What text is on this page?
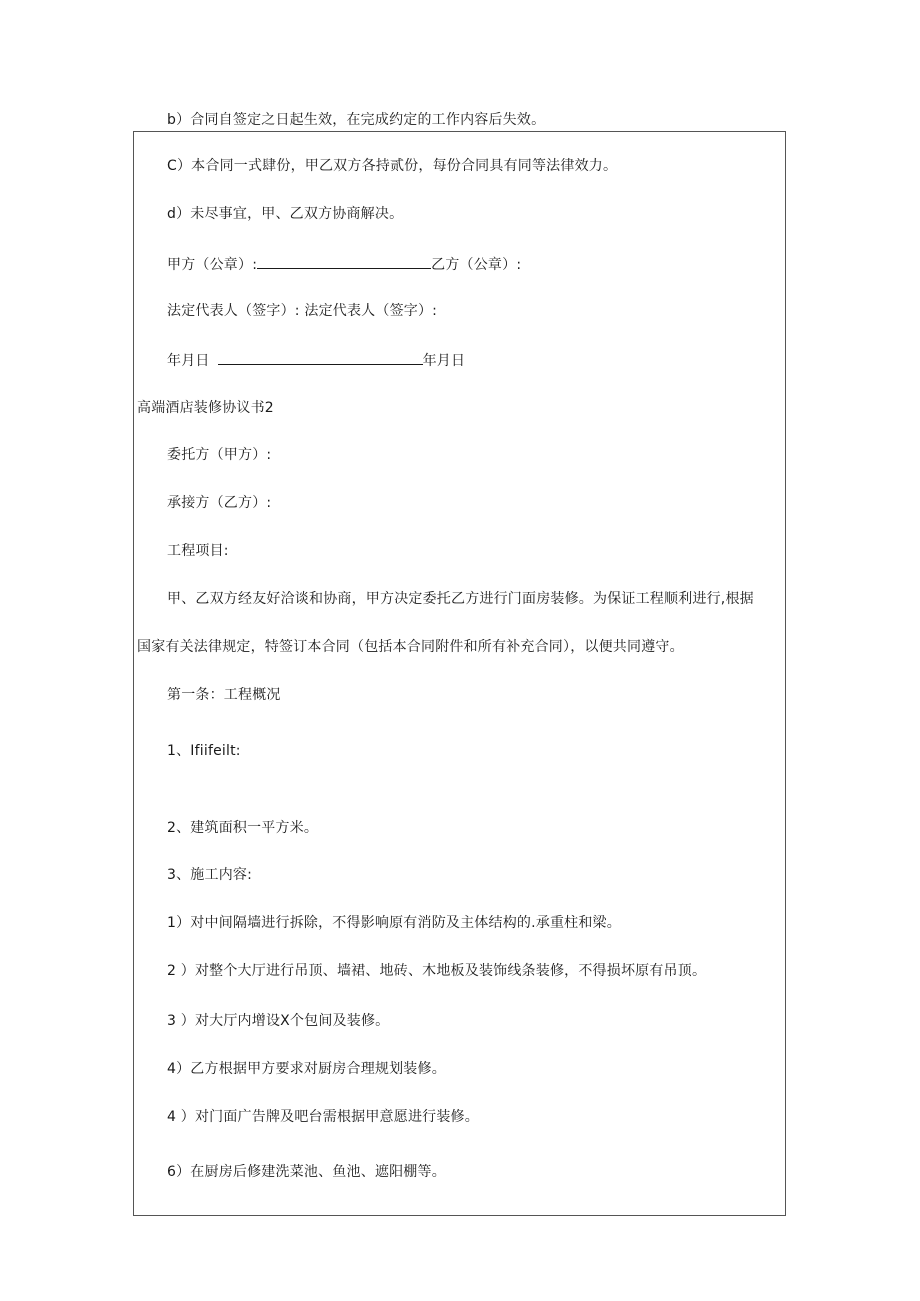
b）合同自签定之日起生效，在完成约定的工作内容后失效。
C）本合同一式肆份，甲乙双方各持贰份，每份合同具有同等法律效力。
d）未尽事宜，甲、乙双方协商解决。
甲方（公章）:	乙方（公章）:
法定代表人（签字）: 法定代表人（签字）:
年月日	年月日
高端酒店装修协议书2
委托方（甲方）:
承接方（乙方）:
工程项目:
甲、乙双方经友好洽谈和协商，甲方决定委托乙方进行门面房装修。为保证工程顺利进行,根据
国家有关法律规定，特签订本合同（包括本合同附件和所有补充合同），以便共同遵守。
第一条：工程概况
1、Ifiifeilt:
2、建筑面积一平方米。
3、施工内容:
1）对中间隔墙进行拆除，不得影响原有消防及主体结构的.承重柱和梁。
2 ）对整个大厅进行吊顶、墙裙、地砖、木地板及装饰线条装修，不得损坏原有吊顶。
3 ）对大厅内增设X个包间及装修。
4）乙方根据甲方要求对厨房合理规划装修。
4 ）对门面广告牌及吧台需根据甲意愿进行装修。
6）在厨房后修建洗菜池、鱼池、遮阳棚等。
